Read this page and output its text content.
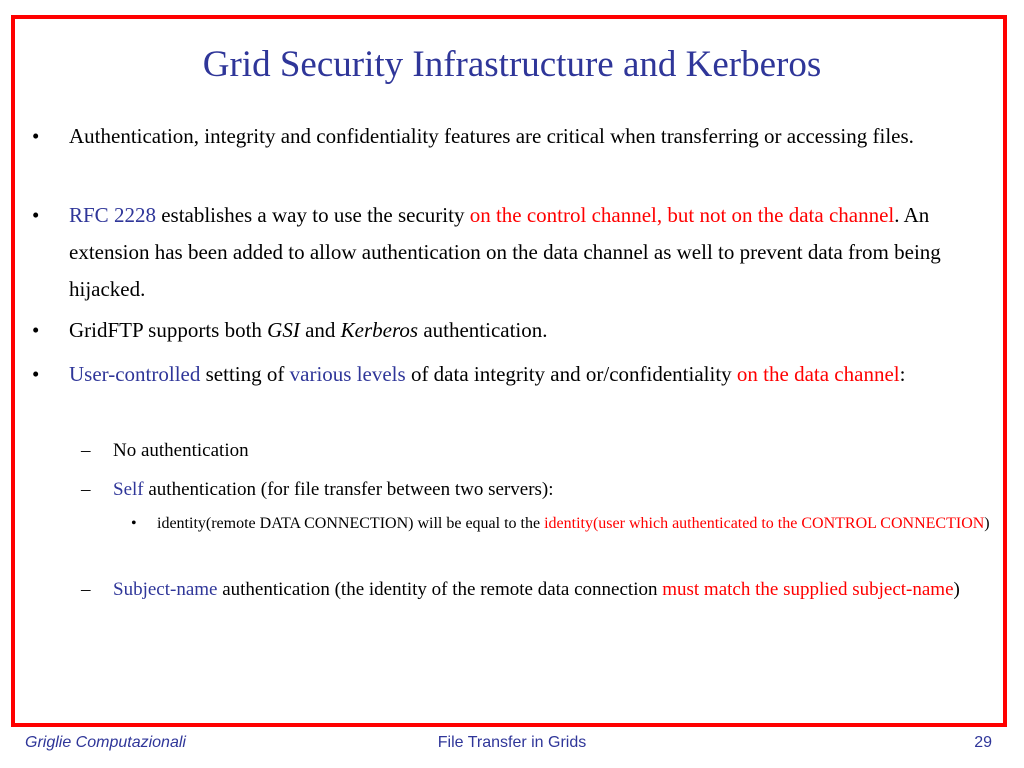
Grid Security Infrastructure and Kerberos
• Authentication, integrity and confidentiality features are critical when transferring or accessing files.
• RFC 2228 establishes a way to use the security on the control channel, but not on the data channel. An extension has been added to allow authentication on the data channel as well to prevent data from being hijacked.
• GridFTP supports both GSI and Kerberos authentication.
• User-controlled setting of various levels of data integrity and or/confidentiality on the data channel:
– No authentication
– Self authentication (for file transfer between two servers):
• identity(remote DATA CONNECTION) will be equal to the identity(user which authenticated to the CONTROL CONNECTION)
– Subject-name authentication (the identity of the remote data connection must match the supplied subject-name)
Griglie Computazionali	File Transfer in Grids	29
